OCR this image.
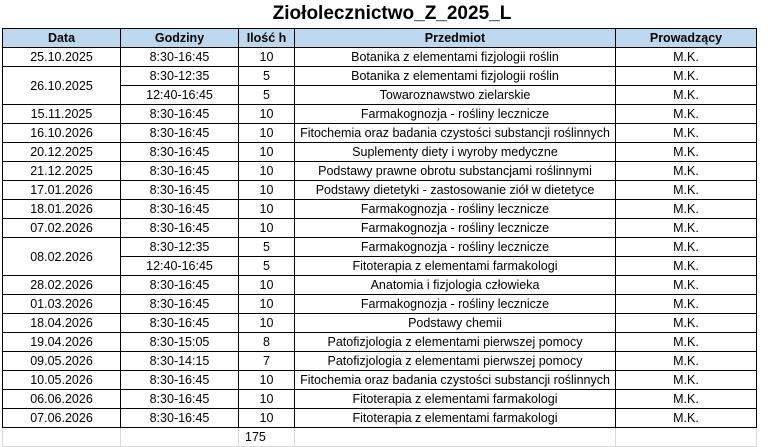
Ziołolecznictwo_Z_2025_L
Data	Godziny	Ilość h	Przedmiot	Prowadzący
25.10.2025	8:30-16:45	10	Botanika z elementami fizjologii roślin	M.K.
26.10.2025	8:30-12:35	5	Botanika z elementami fizjologii roślin	M.K.
	12:40-16:45	5	Towaroznawstwo zielarskie	M.K.
15.11.2025	8:30-16:45	10	Farmakognozja - rośliny lecznicze	M.K.
16.10.2026	8:30-16:45	10	Fitochemia oraz badania czystości substancji roślinnych	M.K.
20.12.2025	8:30-16:45	10	Suplementy diety i wyroby medyczne	M.K.
21.12.2025	8:30-16:45	10	Podstawy prawne obrotu substancjami roślinnymi	M.K.
17.01.2026	8:30-16:45	10	Podstawy dietetyki - zastosowanie ziół w dietetyce	M.K.
18.01.2026	8:30-16:45	10	Farmakognozja - rośliny lecznicze	M.K.
07.02.2026	8:30-16:45	10	Farmakognozja - rośliny lecznicze	M.K.
08.02.2026	8:30-12:35	5	Farmakognozja - rośliny lecznicze	M.K.
	12:40-16:45	5	Fitoterapia z elementami farmakologi	M.K.
28.02.2026	8:30-16:45	10	Anatomia i fizjologia człowieka	M.K.
01.03.2026	8:30-16:45	10	Farmakognozja - rośliny lecznicze	M.K.
18.04.2026	8:30-16:45	10	Podstawy chemii	M.K.
19.04.2026	8:30-15:05	8	Patofizjologia z elementami pierwszej pomocy	M.K.
09.05.2026	8:30-14:15	7	Patofizjologia z elementami pierwszej pomocy	M.K.
10.05.2026	8:30-16:45	10	Fitochemia oraz badania czystości substancji roślinnych	M.K.
06.06.2026	8:30-16:45	10	Fitoterapia z elementami farmakologi	M.K.
07.06.2026	8:30-16:45	10	Fitoterapia z elementami farmakologi	M.K.
		175		
